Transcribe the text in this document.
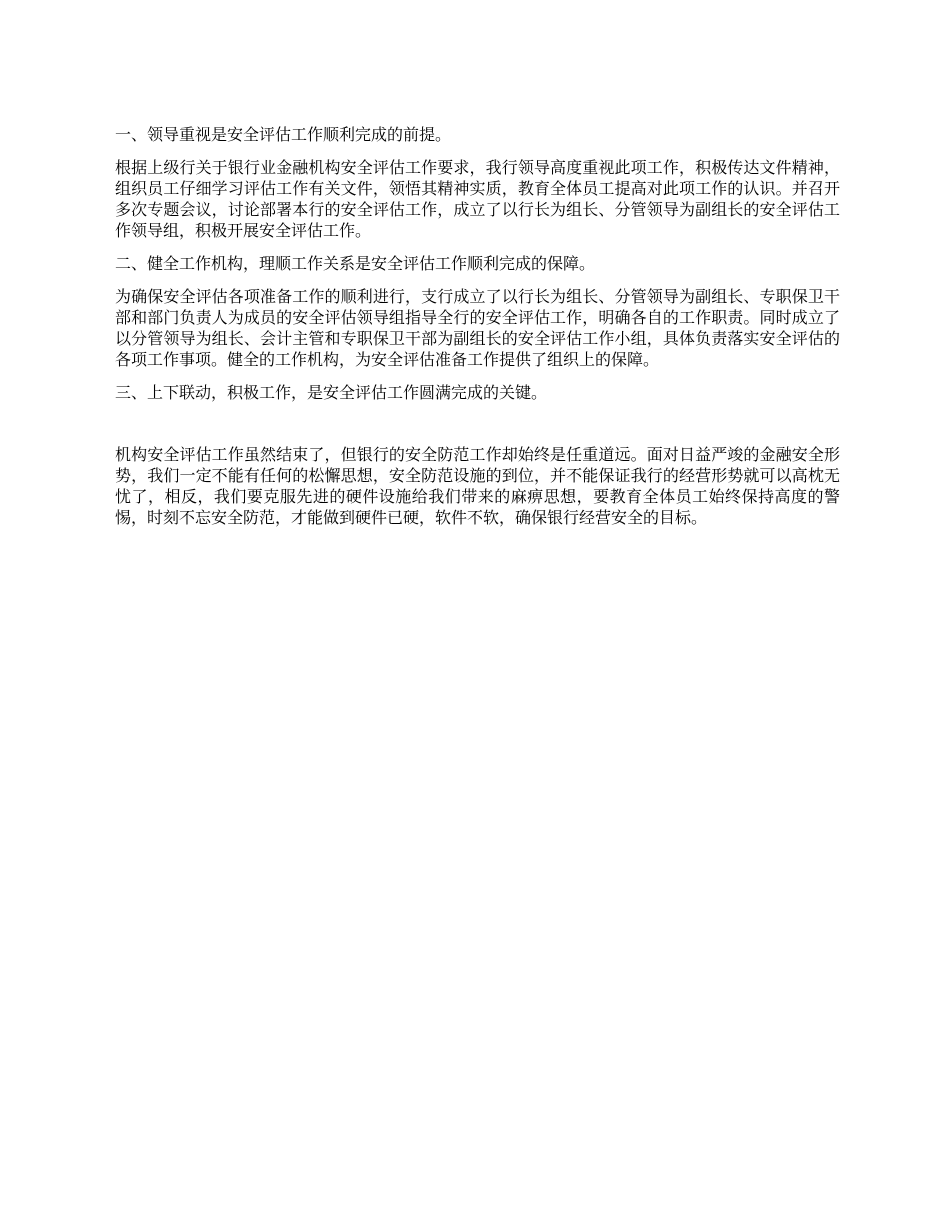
一、领导重视是安全评估工作顺利完成的前提。

根据上级行关于银行业金融机构安全评估工作要求，我行领导高度重视此项工作，积极传达文件精神，组织员工仔细学习评估工作有关文件，领悟其精神实质，教育全体员工提高对此项工作的认识。并召开多次专题会议，讨论部署本行的安全评估工作，成立了以行长为组长、分管领导为副组长的安全评估工作领导组，积极开展安全评估工作。

二、健全工作机构，理顺工作关系是安全评估工作顺利完成的保障。

为确保安全评估各项准备工作的顺利进行，支行成立了以行长为组长、分管领导为副组长、专职保卫干部和部门负责人为成员的安全评估领导组指导全行的安全评估工作，明确各自的工作职责。同时成立了以分管领导为组长、会计主管和专职保卫干部为副组长的安全评估工作小组，具体负责落实安全评估的各项工作事项。健全的工作机构，为安全评估准备工作提供了组织上的保障。

三、上下联动，积极工作，是安全评估工作圆满完成的关键。

机构安全评估工作虽然结束了，但银行的安全防范工作却始终是任重道远。面对日益严竣的金融安全形势，我们一定不能有任何的松懈思想，安全防范设施的到位，并不能保证我行的经营形势就可以高枕无忧了，相反，我们要克服先进的硬件设施给我们带来的麻痹思想，要教育全体员工始终保持高度的警惕，时刻不忘安全防范，才能做到硬件已硬，软件不软，确保银行经营安全的目标。
